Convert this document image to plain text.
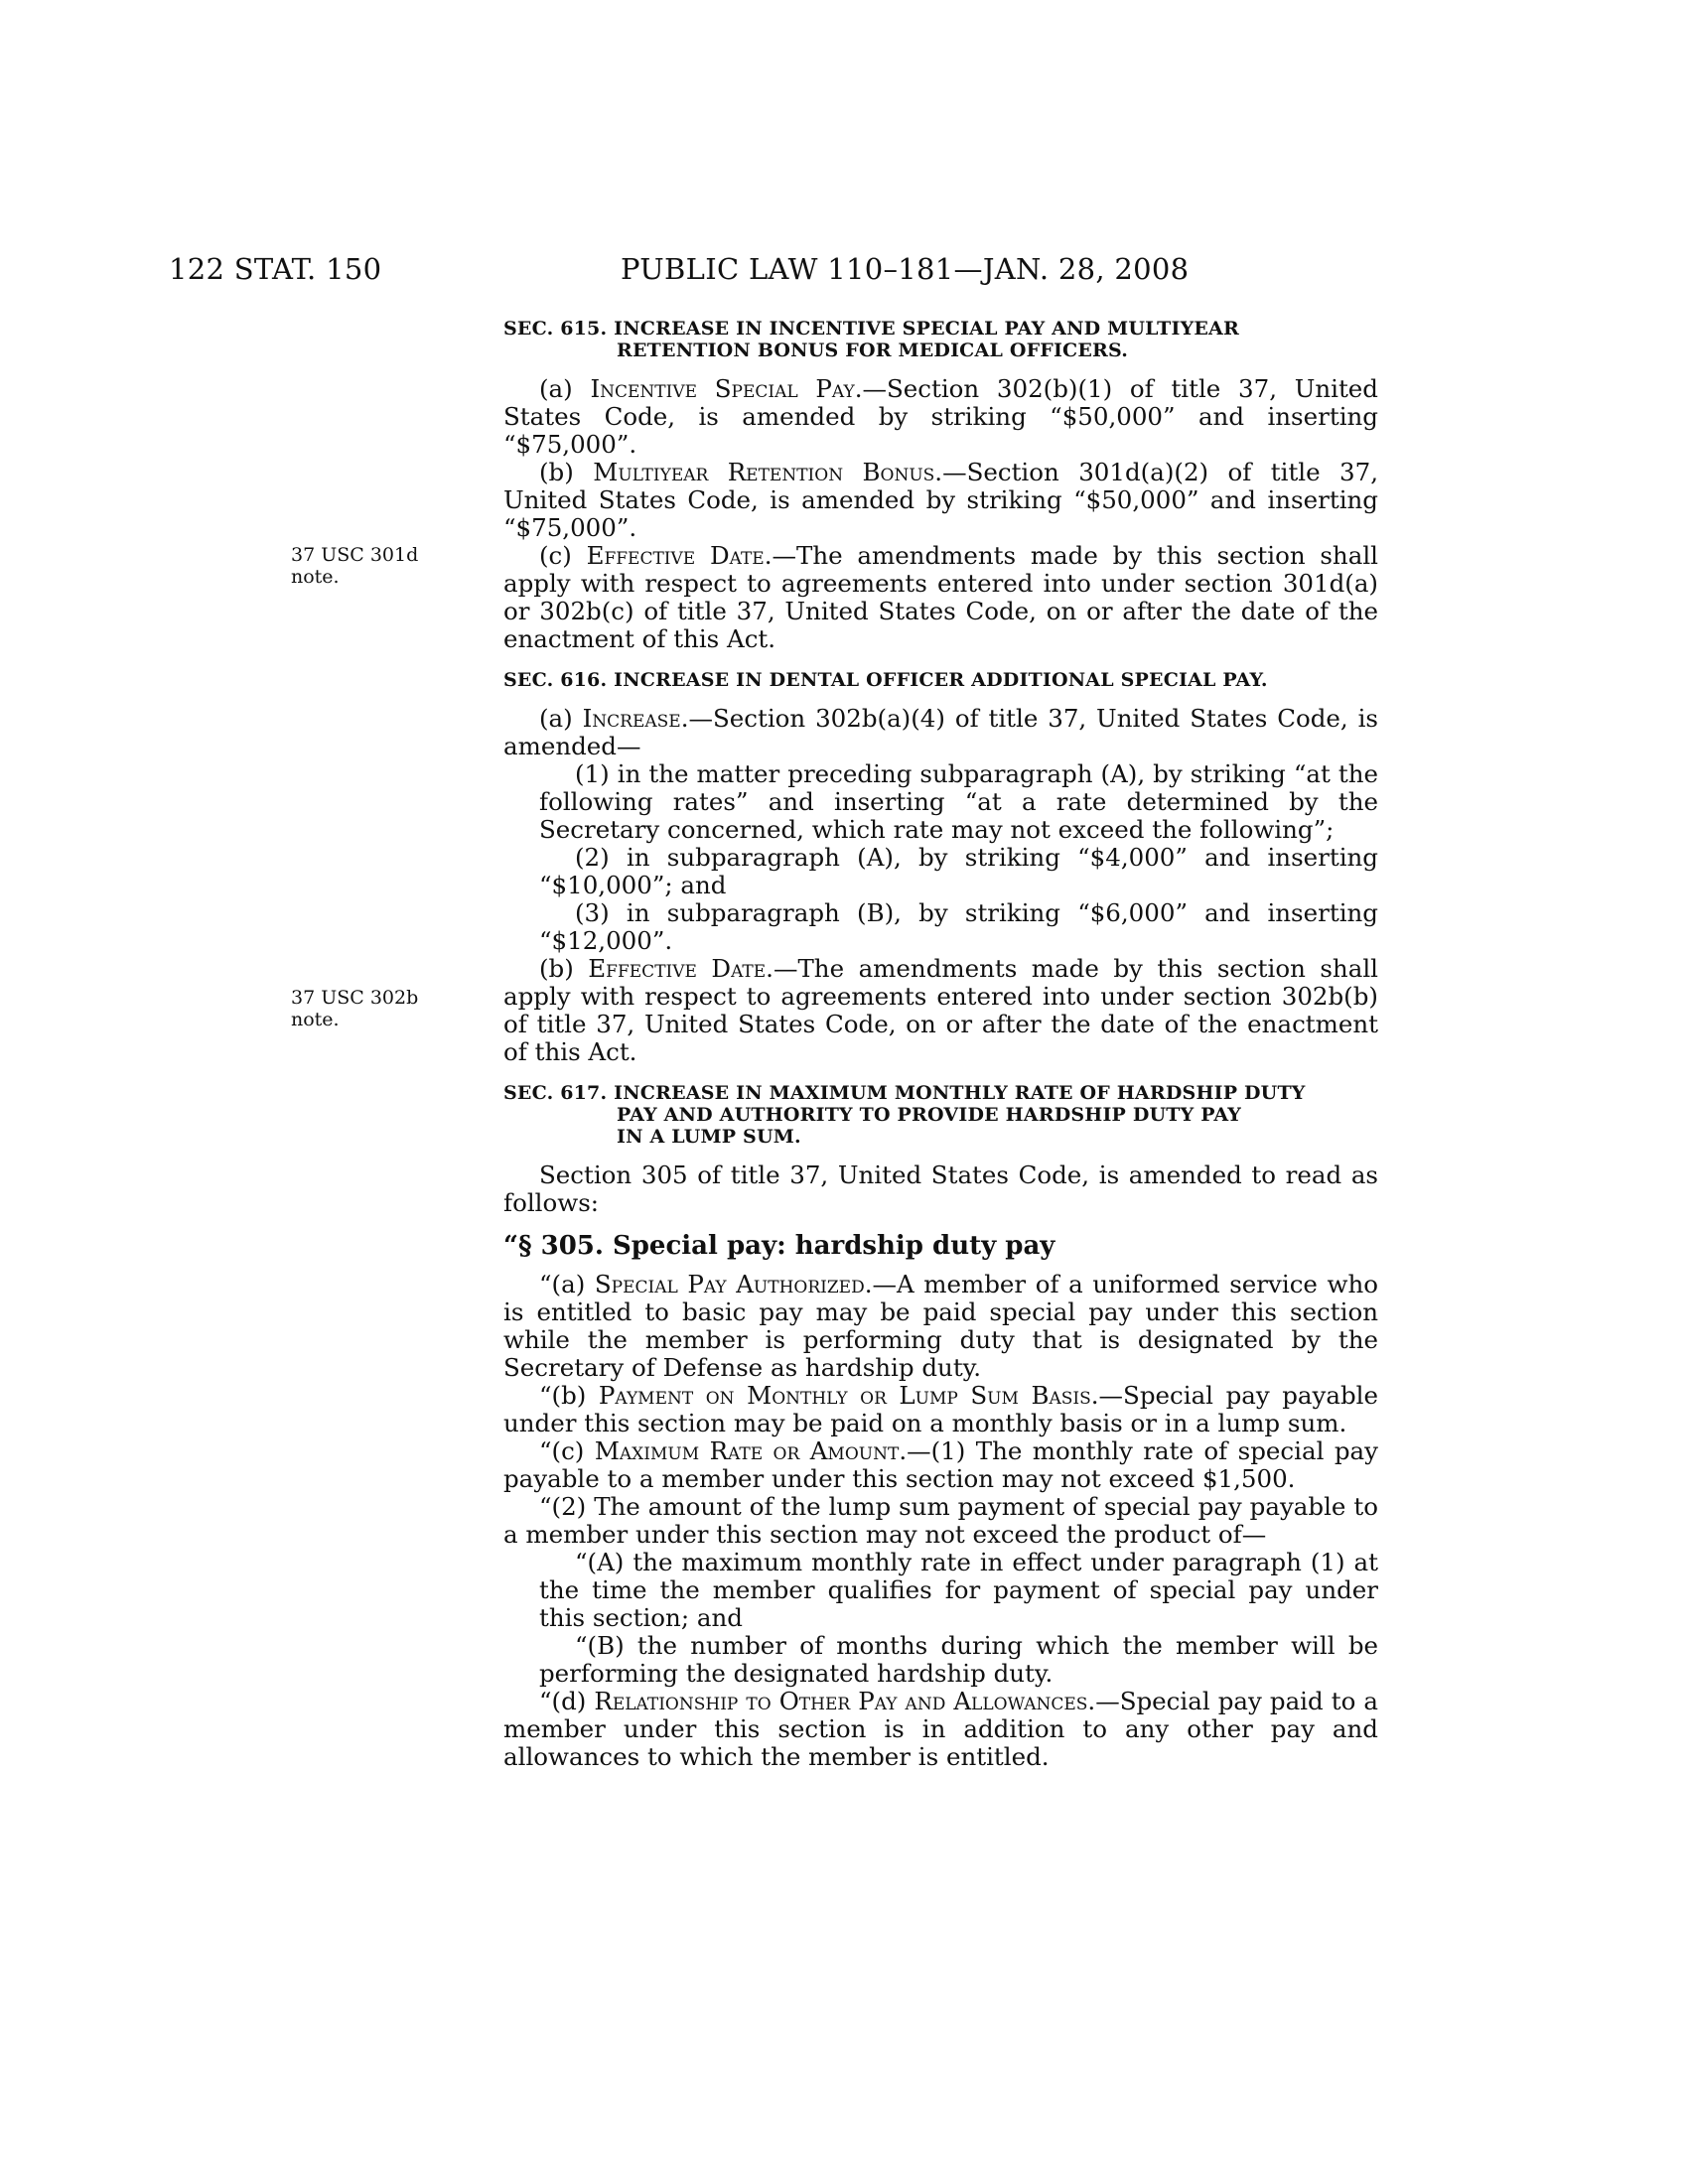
122 STAT. 150	PUBLIC LAW 110–181—JAN. 28, 2008
37 USC 301d
note.
37 USC 302b
note.
SEC. 615. INCREASE IN INCENTIVE SPECIAL PAY AND MULTIYEAR
RETENTION BONUS FOR MEDICAL OFFICERS.

(a) Incentive Special Pay.—Section 302(b)(1) of title 37, United States Code, is amended by striking “$50,000” and inserting “$75,000”.

(b) Multiyear Retention Bonus.—Section 301d(a)(2) of title 37, United States Code, is amended by striking “$50,000” and inserting “$75,000”.

(c) Effective Date.—The amendments made by this section shall apply with respect to agreements entered into under section 301d(a) or 302b(c) of title 37, United States Code, on or after the date of the enactment of this Act.

SEC. 616. INCREASE IN DENTAL OFFICER ADDITIONAL SPECIAL PAY.

(a) Increase.—Section 302b(a)(4) of title 37, United States Code, is amended—

(1) in the matter preceding subparagraph (A), by striking “at the following rates” and inserting “at a rate determined by the Secretary concerned, which rate may not exceed the following”;

(2) in subparagraph (A), by striking “$4,000” and inserting “$10,000”; and

(3) in subparagraph (B), by striking “$6,000” and inserting “$12,000”.

(b) Effective Date.—The amendments made by this section shall apply with respect to agreements entered into under section 302b(b) of title 37, United States Code, on or after the date of the enactment of this Act.

SEC. 617. INCREASE IN MAXIMUM MONTHLY RATE OF HARDSHIP DUTY
PAY AND AUTHORITY TO PROVIDE HARDSHIP DUTY PAY
IN A LUMP SUM.

Section 305 of title 37, United States Code, is amended to read as follows:

“§ 305. Special pay: hardship duty pay

“(a) Special Pay Authorized.—A member of a uniformed service who is entitled to basic pay may be paid special pay under this section while the member is performing duty that is designated by the Secretary of Defense as hardship duty.

“(b) Payment on Monthly or Lump Sum Basis.—Special pay payable under this section may be paid on a monthly basis or in a lump sum.

“(c) Maximum Rate or Amount.—(1) The monthly rate of special pay payable to a member under this section may not exceed $1,500.

“(2) The amount of the lump sum payment of special pay payable to a member under this section may not exceed the product of—

“(A) the maximum monthly rate in effect under paragraph (1) at the time the member qualifies for payment of special pay under this section; and

“(B) the number of months during which the member will be performing the designated hardship duty.

“(d) Relationship to Other Pay and Allowances.—Special pay paid to a member under this section is in addition to any other pay and allowances to which the member is entitled.
